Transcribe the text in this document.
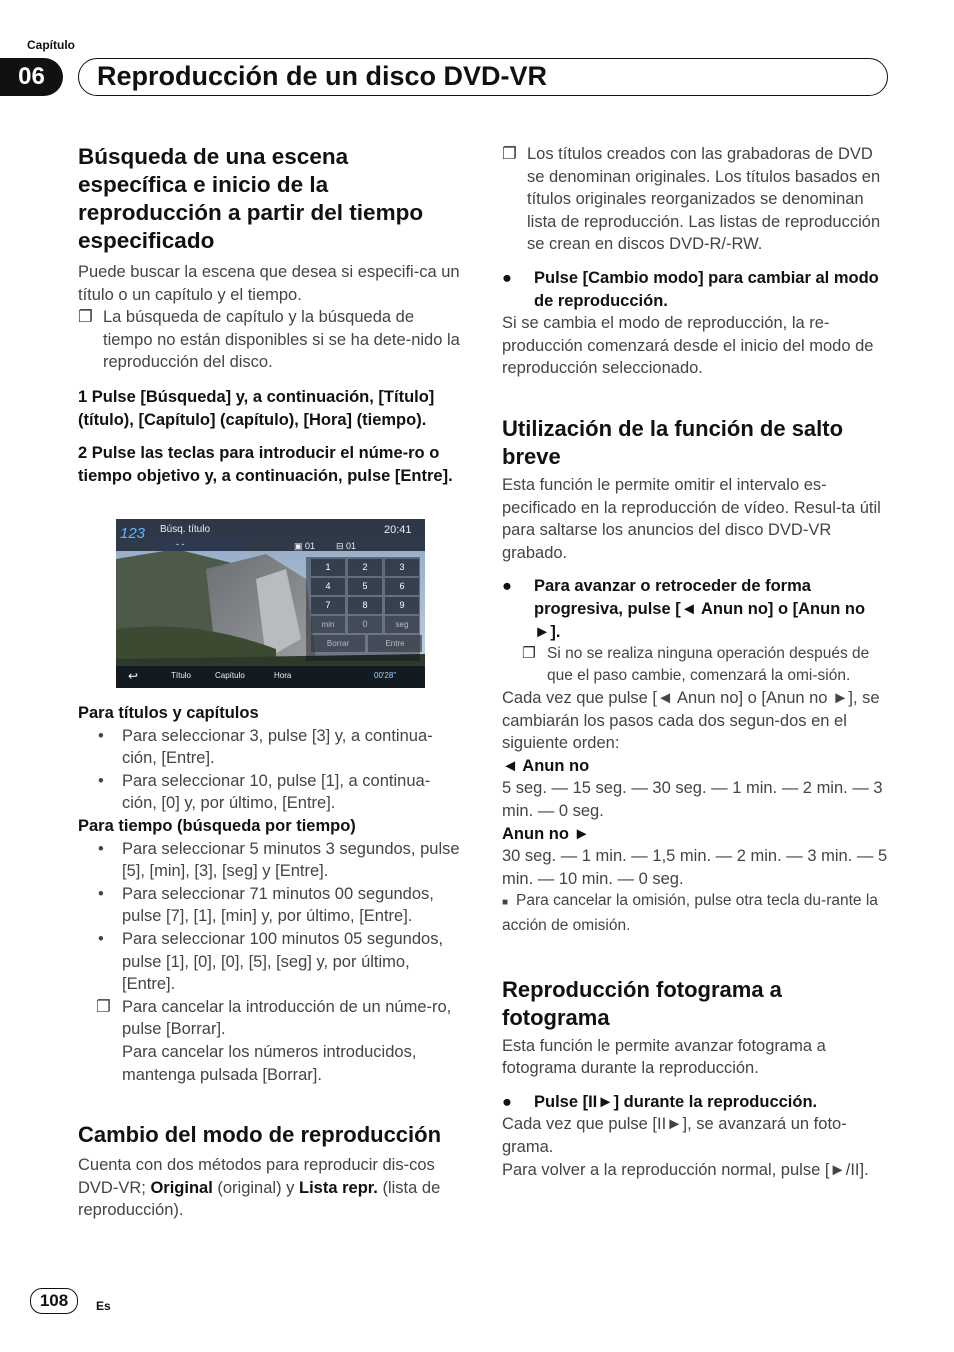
Capítulo
06	Reproducción de un disco DVD-VR

Búsqueda de una escena específica e inicio de la reproducción a partir del tiempo especificado

Puede buscar la escena que desea si especifi-ca un título o un capítulo y el tiempo.

❐ La búsqueda de capítulo y la búsqueda de tiempo no están disponibles si se ha dete-nido la reproducción del disco.

1 Pulse [Búsqueda] y, a continuación, [Título] (título), [Capítulo] (capítulo), [Hora] (tiempo).

2 Pulse las teclas para introducir el núme-ro o tiempo objetivo y, a continuación, pulse [Entre].

123 Búsq. título
- -
20:41
▣ 01 ⊟ 01
1	2	3
4	5	6
7	8	9
min	0	seg
Borrar	Entre
↩	Título	Capítulo	Hora	00'28"

Para títulos y capítulos

• Para seleccionar 3, pulse [3] y, a continua-ción, [Entre].
• Para seleccionar 10, pulse [1], a continua-ción, [0] y, por último, [Entre].

Para tiempo (búsqueda por tiempo)

• Para seleccionar 5 minutos 3 segundos, pulse [5], [min], [3], [seg] y [Entre].
• Para seleccionar 71 minutos 00 segundos, pulse [7], [1], [min] y, por último, [Entre].
• Para seleccionar 100 minutos 05 segundos, pulse [1], [0], [0], [5], [seg] y, por último, [Entre].
❐ Para cancelar la introducción de un núme-ro, pulse [Borrar].
Para cancelar los números introducidos, mantenga pulsada [Borrar].

Cambio del modo de reproducción

Cuenta con dos métodos para reproducir dis-cos DVD-VR; Original (original) y Lista repr. (lista de reproducción).

❐ Los títulos creados con las grabadoras de DVD se denominan originales. Los títulos basados en títulos originales reorganizados se denominan lista de reproducción. Las listas de reproducción se crean en discos DVD-R/-RW.
● Pulse [Cambio modo] para cambiar al modo de reproducción.

Si se cambia el modo de reproducción, la re-producción comenzará desde el inicio del modo de reproducción seleccionado.

Utilización de la función de salto breve

Esta función le permite omitir el intervalo es-pecificado en la reproducción de vídeo. Resul-ta útil para saltarse los anuncios del disco DVD-VR grabado.

● Para avanzar o retroceder de forma progresiva, pulse [◄ Anun no] o [Anun no ►].
❐ Si no se realiza ninguna operación después de que el paso cambie, comenzará la omi-sión.

Cada vez que pulse [◄ Anun no] o [Anun no ►], se cambiarán los pasos cada dos segun-dos en el siguiente orden:

◄ Anun no

5 seg. — 15 seg. — 30 seg. — 1 min. — 2 min. — 3 min. — 0 seg.

Anun no ►

30 seg. — 1 min. — 1,5 min. — 2 min. — 3 min. — 5 min. — 10 min. — 0 seg.

■ Para cancelar la omisión, pulse otra tecla du-rante la acción de omisión.

Reproducción fotograma a fotograma

Esta función le permite avanzar fotograma a fotograma durante la reproducción.

● Pulse [II►] durante la reproducción.

Cada vez que pulse [II►], se avanzará un foto-grama.

Para volver a la reproducción normal, pulse [►/II].

108	Es
